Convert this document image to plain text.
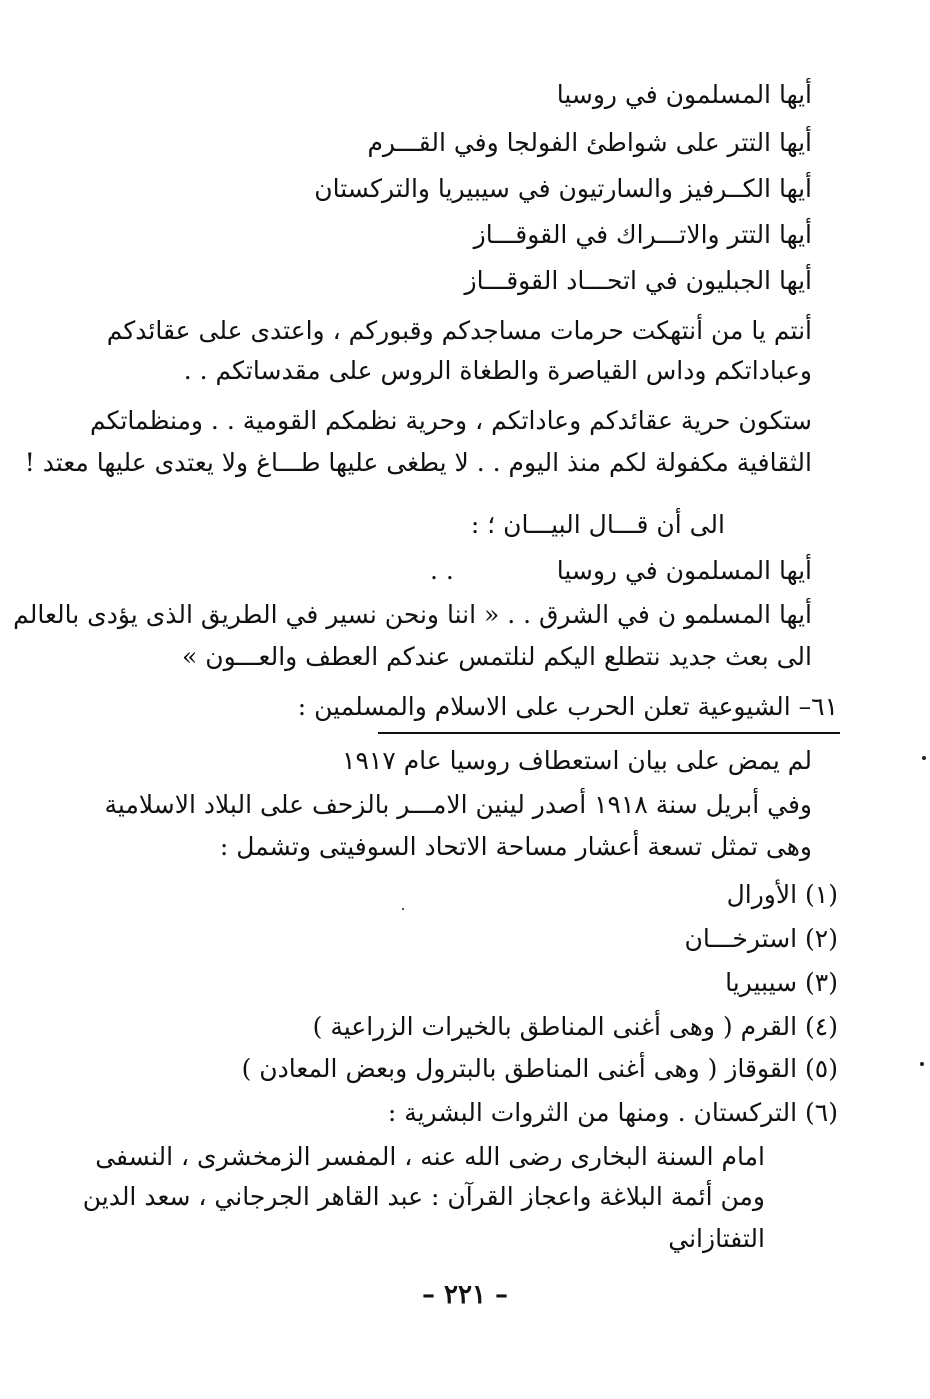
أيها المسلمون في روسيا
أيها التتر على شواطئ الفولجا وفي القـــرم
أيها الكــرفيز والسارتيون في سيبيريا والتركستان
أيها التتر والاتـــراك في القوقـــاز
أيها الجبليون في اتحـــاد القوقـــاز
أنتم يا من أنتهكت حرمات مساجدكم وقبوركم ، واعتدى على عقائدكم
وعباداتكم وداس القياصرة والطغاة الروس على مقدساتكم . .
ستكون حرية عقائدكم وعاداتكم ، وحرية نظمكم القومية . . ومنظماتكم
الثقافية مكفولة لكم منذ اليوم . . لا يطغى عليها طـــاغ ولا يعتدى عليها معتد !
الى أن قـــال البيـــان ؛ :
أيها المسلمون في روسيا
. .
أيها المسلمو ن في الشرق . . « اننا ونحن نسير في الطريق الذى يؤدى بالعالم
الى بعث جديد نتطلع اليكم لنلتمس عندكم العطف والعـــون »
٦١– الشيوعية تعلن الحرب على الاسلام والمسلمين :
لم يمض على بيان استعطاف روسيا عام ١٩١٧
وفي أبريل سنة ١٩١٨ أصدر لينين الامـــر بالزحف على البلاد الاسلامية
وهى تمثل تسعة أعشار مساحة الاتحاد السوفيتى وتشمل :
(١) الأورال
(٢) استرخـــان
(٣) سيبيريا
(٤) القرم ( وهى أغنى المناطق بالخيرات الزراعية )
(٥) القوقاز ( وهى أغنى المناطق بالبترول وبعض المعادن )
(٦) التركستان . ومنها من الثروات البشرية :
امام السنة البخارى رضى الله عنه ، المفسر الزمخشرى ، النسفى
ومن أئمة البلاغة واعجاز القرآن : عبد القاهر الجرجاني ، سعد الدين
التفتازاني
– ٢٢١ –
